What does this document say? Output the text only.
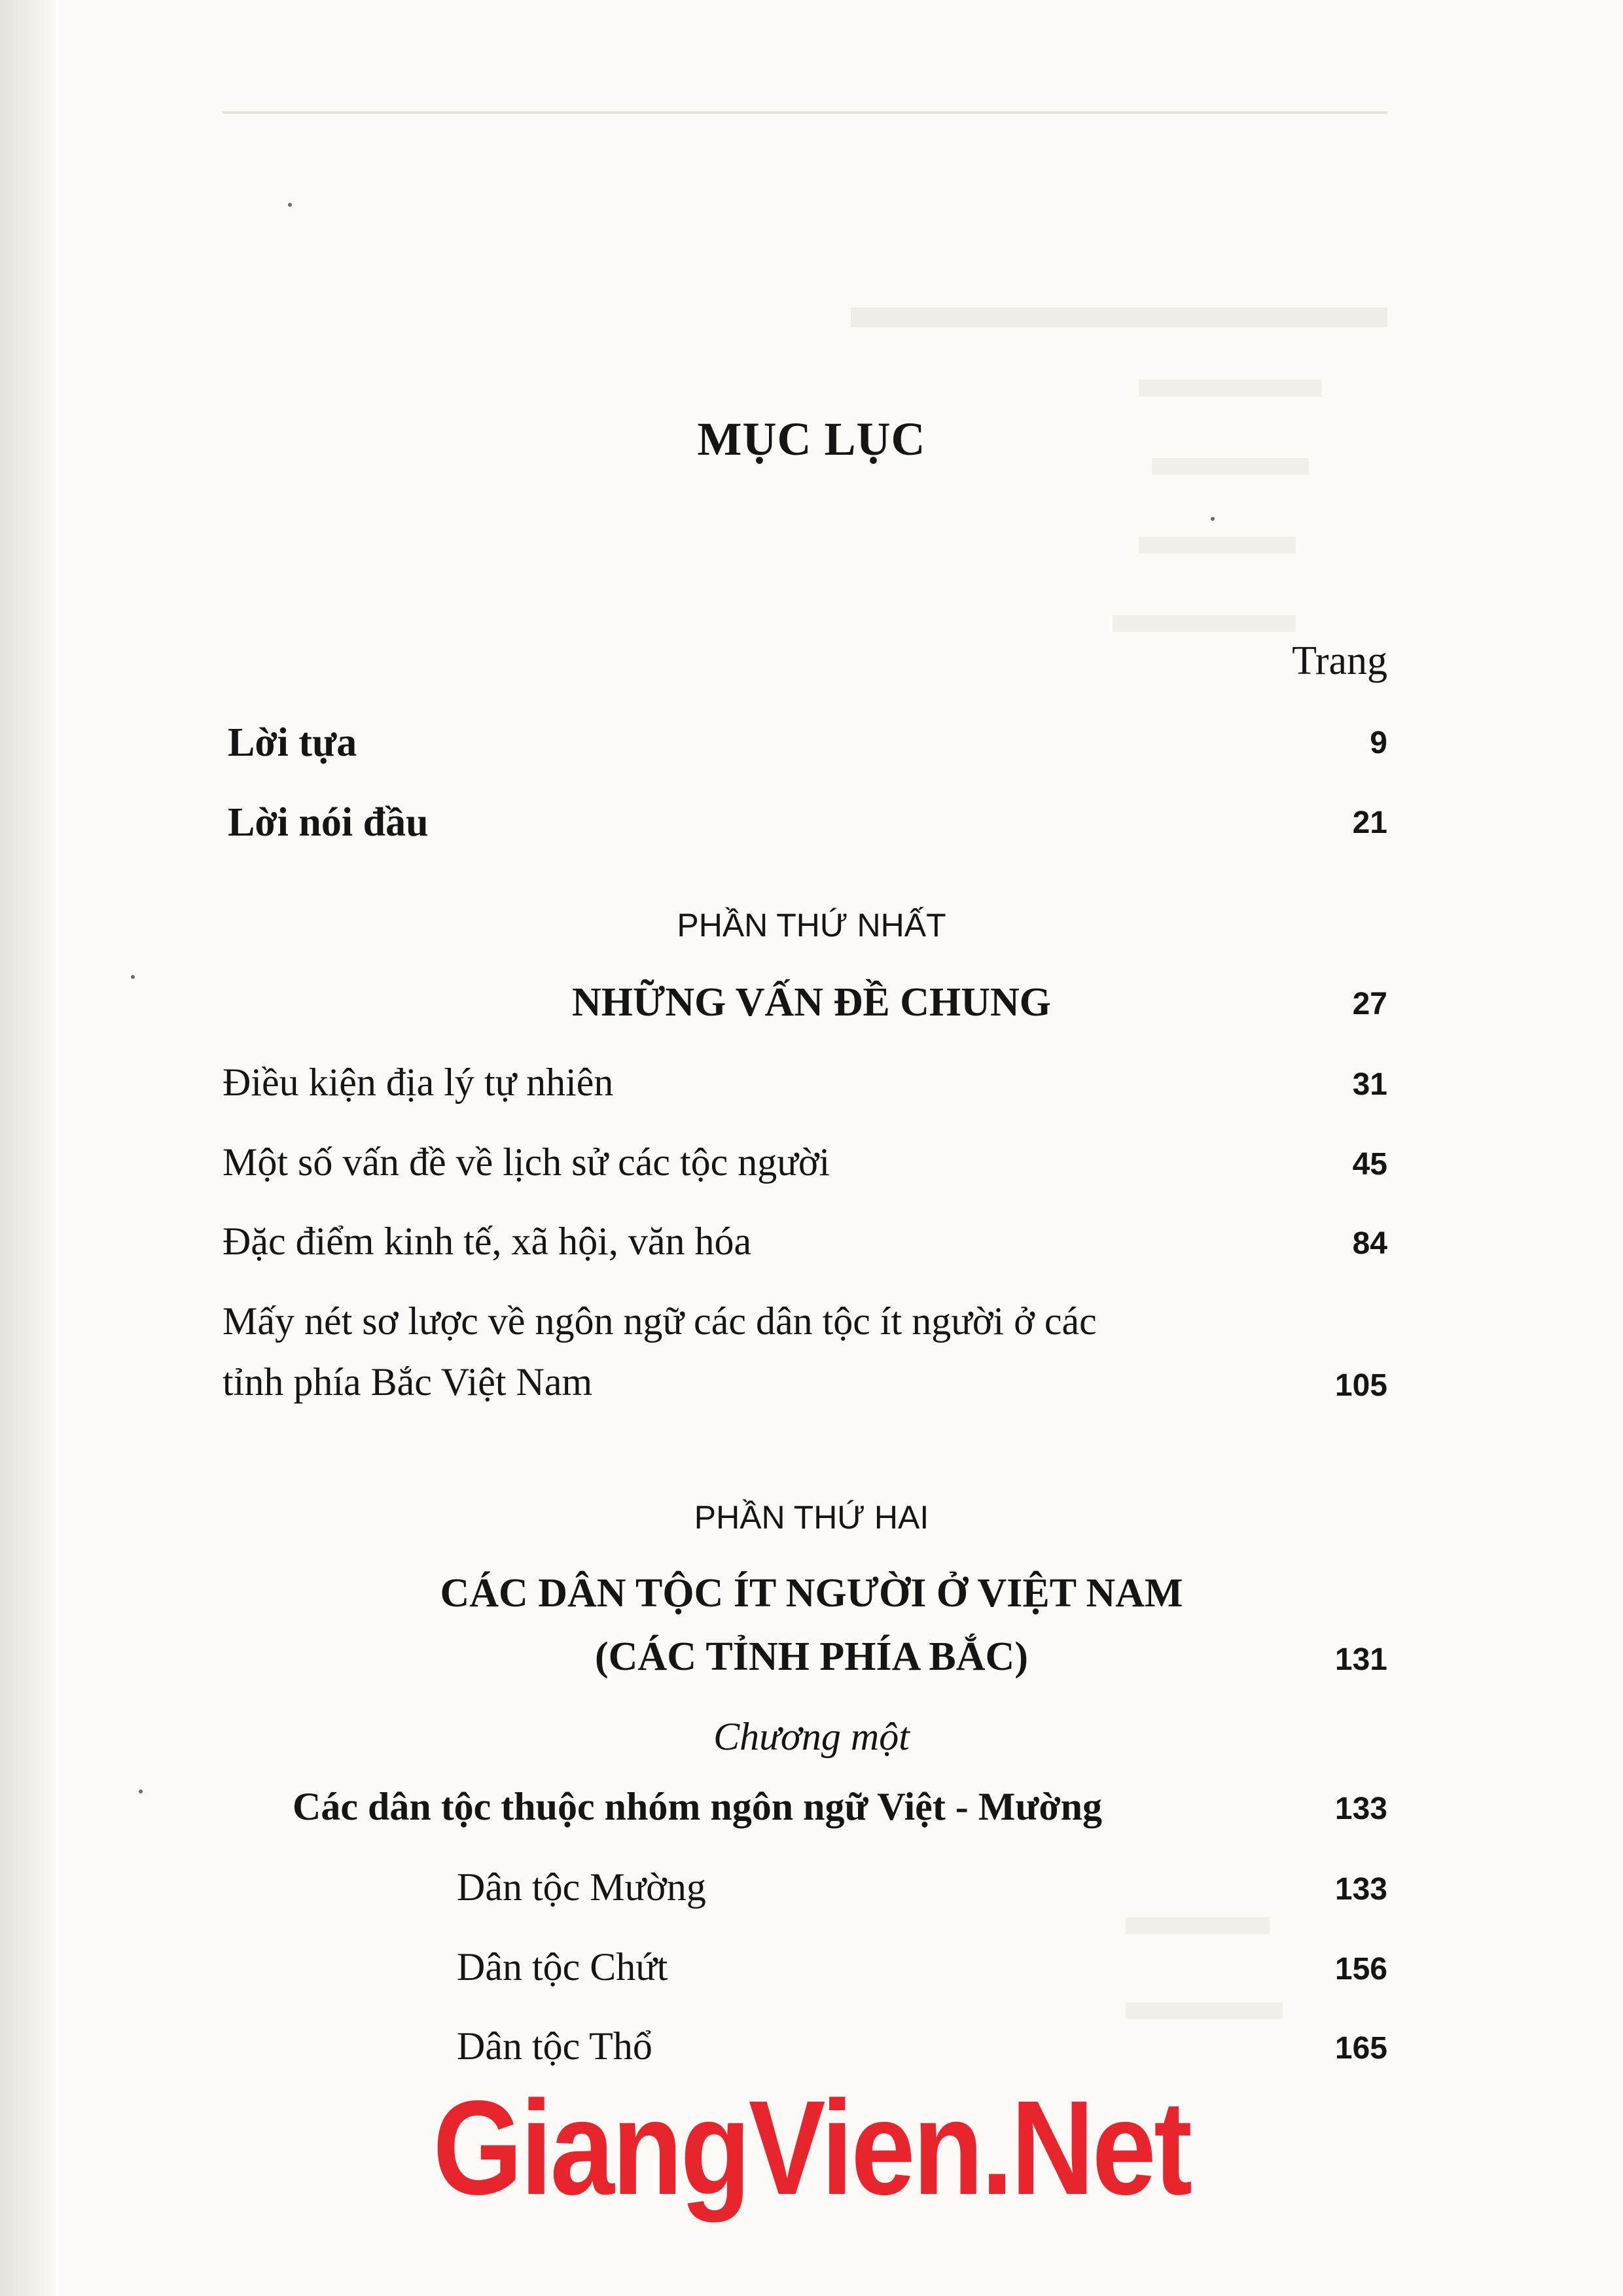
MỤC LỤC
Trang
Lời tựa	9
Lời nói đầu	21
PHẦN THỨ NHẤT
NHỮNG VẤN ĐỀ CHUNG	27
Điều kiện địa lý tự nhiên	31
Một số vấn đề về lịch sử các tộc người	45
Đặc điểm kinh tế, xã hội, văn hóa	84
Mấy nét sơ lược về ngôn ngữ các dân tộc ít người ở các
tỉnh phía Bắc Việt Nam	105
PHẦN THỨ HAI
CÁC DÂN TỘC ÍT NGƯỜI Ở VIỆT NAM
(CÁC TỈNH PHÍA BẮC)	131
Chương một
Các dân tộc thuộc nhóm ngôn ngữ Việt - Mường	133
Dân tộc Mường	133
Dân tộc Chứt	156
Dân tộc Thổ	165
GiangVien.Net
